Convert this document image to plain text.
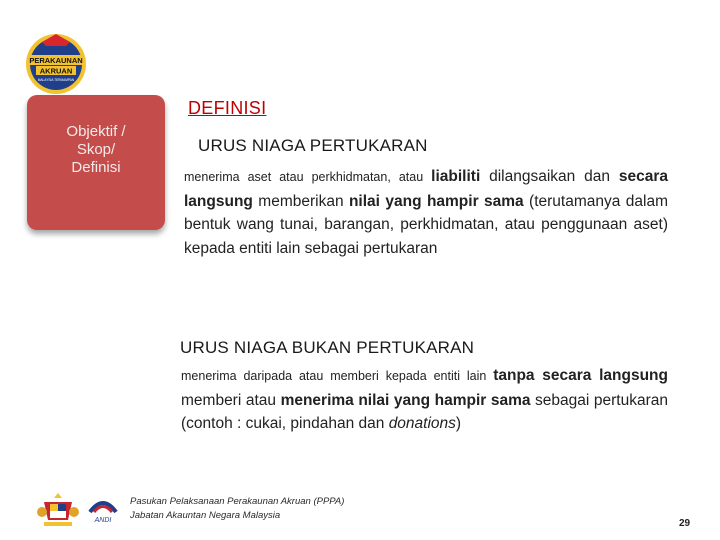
PERAKAUNAN
AKRUAN
MALAYSIA TERMAMPAN
Objektif /
Skop/
Definisi
DEFINISI
URUS NIAGA PERTUKARAN

menerima aset atau perkhidmatan, atau liabiliti dilangsaikan dan secara langsung memberikan nilai yang hampir sama (terutamanya dalam bentuk wang tunai, barangan, perkhidmatan, atau penggunaan aset) kepada entiti lain sebagai pertukaran

URUS NIAGA BUKAN PERTUKARAN

menerima daripada atau memberi kepada entiti lain tanpa secara langsung memberi atau menerima nilai yang hampir sama sebagai pertukaran (contoh : cukai, pindahan dan donations)

ANDI
Pasukan Pelaksanaan Perakaunan Akruan (PPPA)
Jabatan Akauntan Negara Malaysia
29
